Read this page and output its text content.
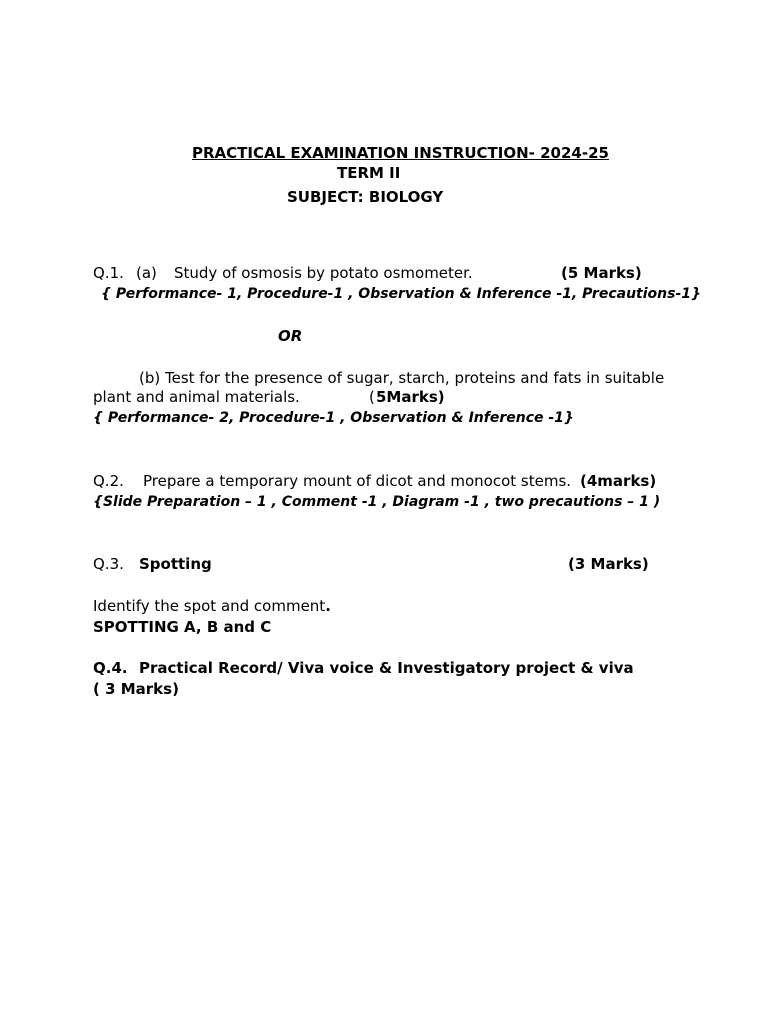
PRACTICAL EXAMINATION INSTRUCTION- 2024-25
TERM II
SUBJECT: BIOLOGY
Q.1. (a) Study of osmosis by potato osmometer.	(5 Marks)
{ Performance- 1, Procedure-1 , Observation & Inference -1, Precautions-1}
OR
(b) Test for the presence of sugar, starch, proteins and fats in suitable
plant and animal materials.	( 5Marks)
{ Performance- 2, Procedure-1 , Observation & Inference -1}
Q.2. Prepare a temporary mount of dicot and monocot stems. (4marks)
{Slide Preparation – 1 , Comment -1 , Diagram -1 , two precautions – 1 )
Q.3. Spotting	(3 Marks)
Identify the spot and comment.
SPOTTING A, B and C
Q.4. Practical Record/ Viva voice & Investigatory project & viva
( 3 Marks)
